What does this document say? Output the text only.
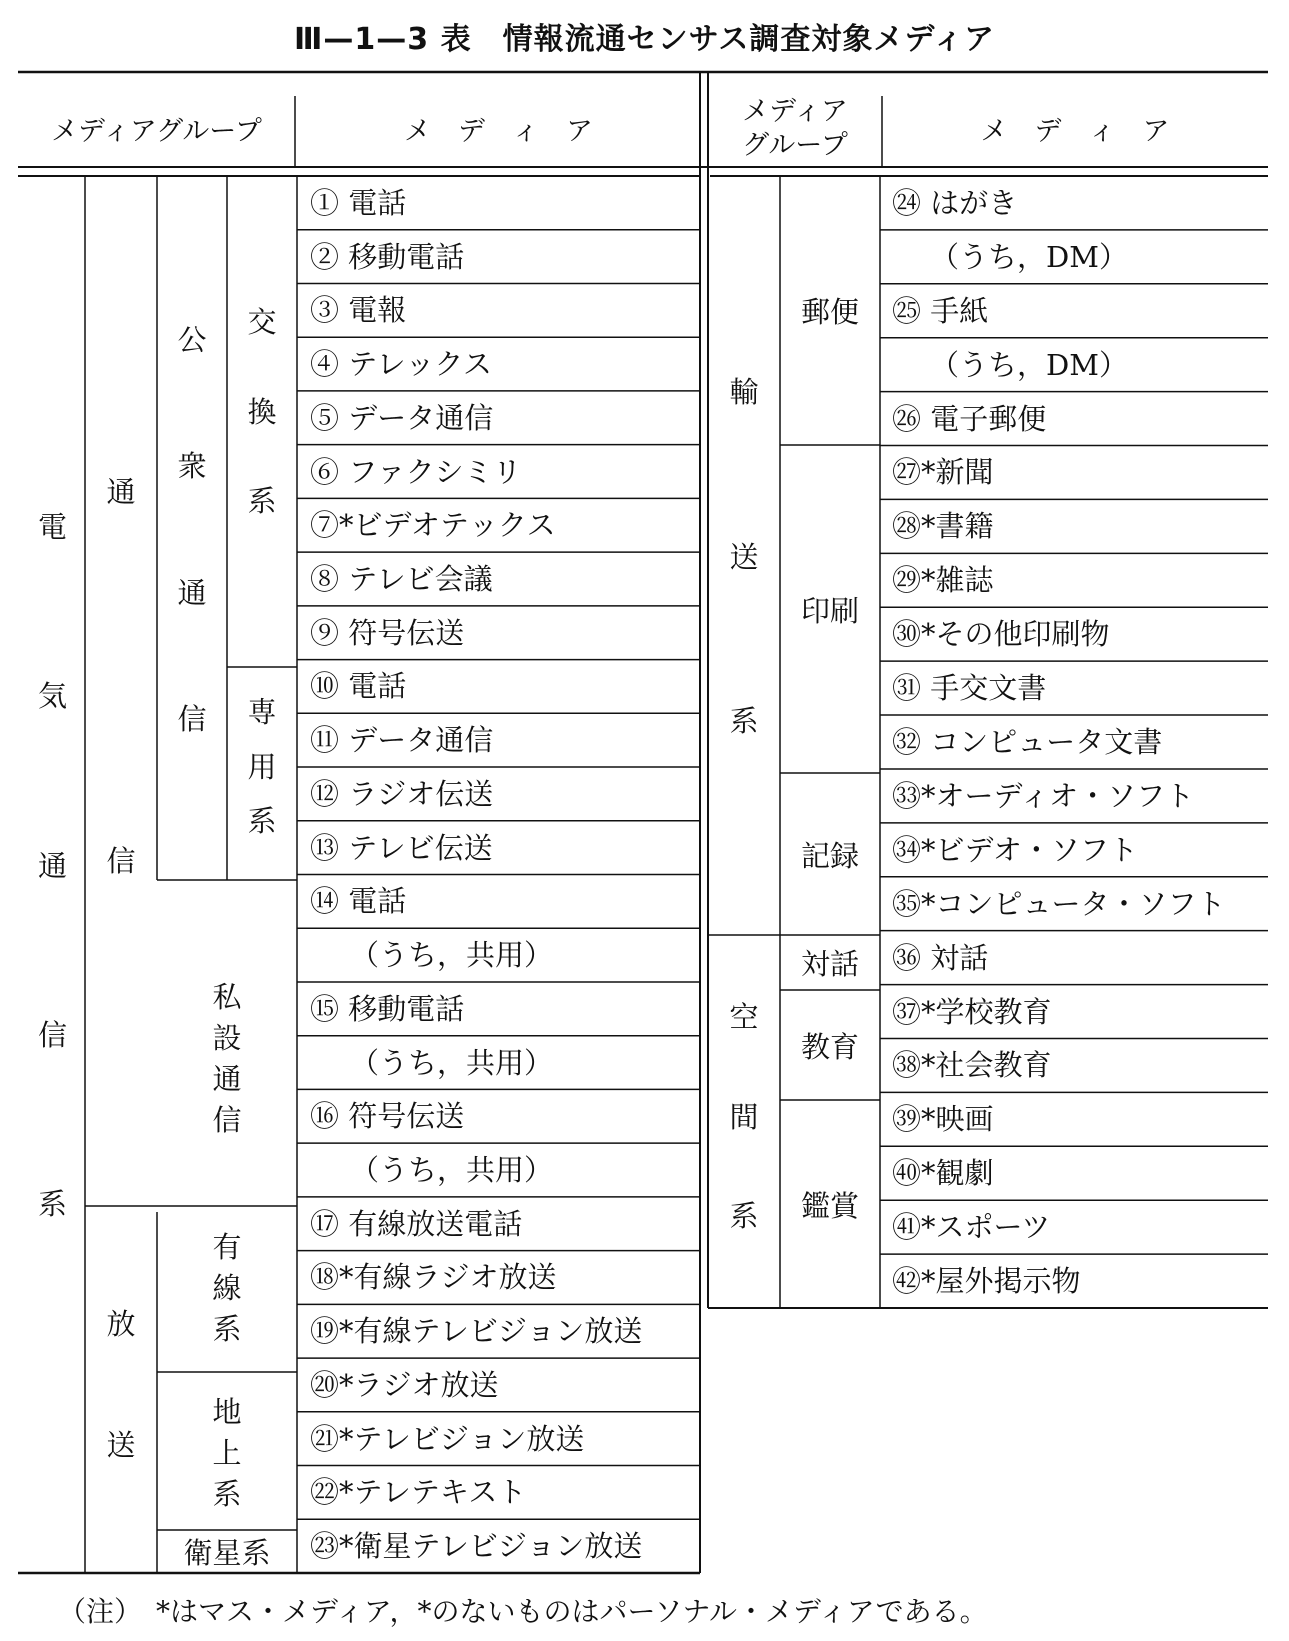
Ⅲ—1—3 表　情報流通センサス調査対象メディア
メディアグループ	メ　デ　ィ　ア
メディア
グループ	メ　デ　ィ　ア
電
気
通
信
系
通
信
放
送
公
衆
通
信
交
換
系
専
用
系
私
設
通
信
有
線
系
地
上
系
衛星系
輸
送
系
空
間
系
郵便
印刷
記録
対話
教育
鑑賞
① 電話
② 移動電話
③ 電報
④ テレックス
⑤ データ通信
⑥ ファクシミリ
⑦*ビデオテックス
⑧ テレビ会議
⑨ 符号伝送
⑩ 電話
⑪ データ通信
⑫ ラジオ伝送
⑬ テレビ伝送
⑭ 電話
（うち，共用）
⑮ 移動電話
（うち，共用）
⑯ 符号伝送
（うち，共用）
⑰ 有線放送電話
⑱*有線ラジオ放送
⑲*有線テレビジョン放送
⑳*ラジオ放送
㉑*テレビジョン放送
㉒*テレテキスト
㉓*衛星テレビジョン放送
㉔ はがき
（うち，DM）
㉕ 手紙
（うち，DM）
㉖ 電子郵便
㉗*新聞
㉘*書籍
㉙*雑誌
㉚*その他印刷物
㉛ 手交文書
㉜ コンピュータ文書
㉝*オーディオ・ソフト
㉞*ビデオ・ソフト
㉟*コンピュータ・ソフト
㊱ 対話
㊲*学校教育
㊳*社会教育
㊴*映画
㊵*観劇
㊶*スポーツ
㊷*屋外掲示物
（注）　*はマス・メディア，*のないものはパーソナル・メディアである。
